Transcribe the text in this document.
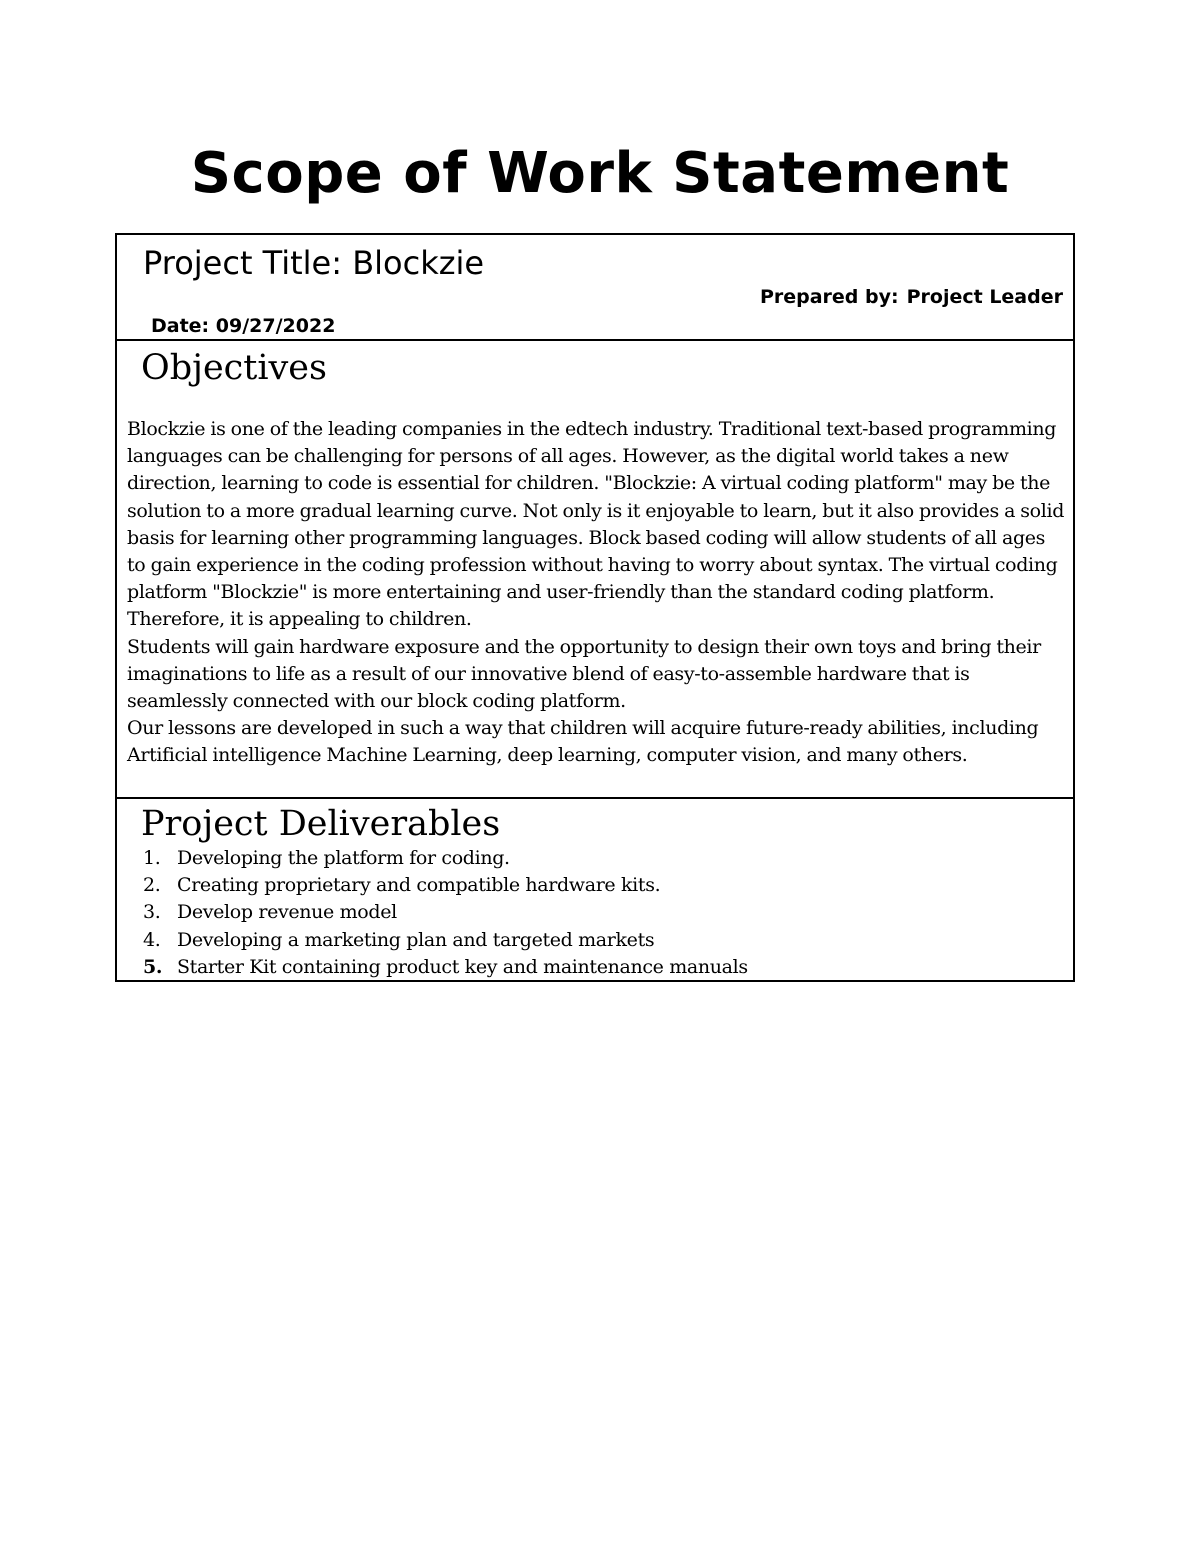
Scope of Work Statement
Project Title: Blockzie
Prepared by: Project Leader
Date: 09/27/2022
Objectives

Blockzie is one of the leading companies in the edtech industry. Traditional text-based programming languages can be challenging for persons of all ages. However, as the digital world takes a new direction, learning to code is essential for children. "Blockzie: A virtual coding platform" may be the solution to a more gradual learning curve. Not only is it enjoyable to learn, but it also provides a solid basis for learning other programming languages. Block based coding will allow students of all ages to gain experience in the coding profession without having to worry about syntax. The virtual coding platform "Blockzie" is more entertaining and user-friendly than the standard coding platform. Therefore, it is appealing to children.

Students will gain hardware exposure and the opportunity to design their own toys and bring their imaginations to life as a result of our innovative blend of easy-to-assemble hardware that is seamlessly connected with our block coding platform.

Our lessons are developed in such a way that children will acquire future-ready abilities, including Artificial intelligence Machine Learning, deep learning, computer vision, and many others.

Project Deliverables
1. Developing the platform for coding.
2. Creating proprietary and compatible hardware kits.
3. Develop revenue model
4. Developing a marketing plan and targeted markets
5. Starter Kit containing product key and maintenance manuals
